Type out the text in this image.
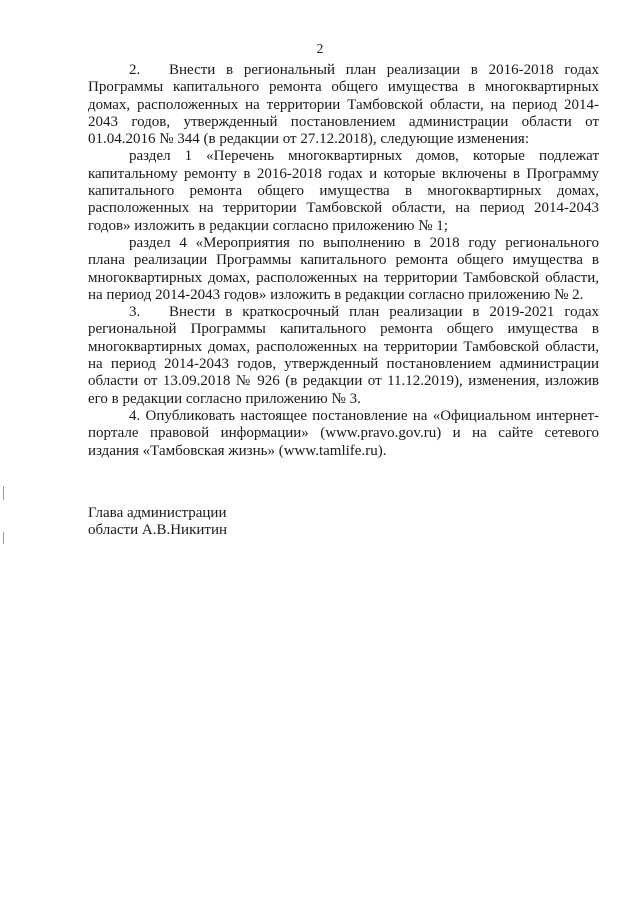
2

2. Внести в региональный план реализации в 2016-2018 годах Программы капитального ремонта общего имущества в многоквартирных домах, расположенных на территории Тамбовской области, на период 2014-2043 годов, утвержденный постановлением администрации области от 01.04.2016 № 344 (в редакции от 27.12.2018), следующие изменения:

раздел 1 «Перечень многоквартирных домов, которые подлежат капитальному ремонту в 2016-2018 годах и которые включены в Программу капитального ремонта общего имущества в многоквартирных домах, расположенных на территории Тамбовской области, на период 2014-2043 годов» изложить в редакции согласно приложению № 1;

раздел 4 «Мероприятия по выполнению в 2018 году регионального плана реализации Программы капитального ремонта общего имущества в многоквартирных домах, расположенных на территории Тамбовской области, на период 2014-2043 годов» изложить в редакции согласно приложению № 2.

3. Внести в краткосрочный план реализации в 2019-2021 годах региональной Программы капитального ремонта общего имущества в многоквартирных домах, расположенных на территории Тамбовской области, на период 2014-2043 годов, утвержденный постановлением администрации области от 13.09.2018 № 926 (в редакции от 11.12.2019), изменения, изложив его в редакции согласно приложению № 3.

4. Опубликовать настоящее постановление на «Официальном интернет-портале правовой информации» (www.pravo.gov.ru) и на сайте сетевого издания «Тамбовская жизнь» (www.tamlife.ru).

Глава администрации
области А.В.Никитин
